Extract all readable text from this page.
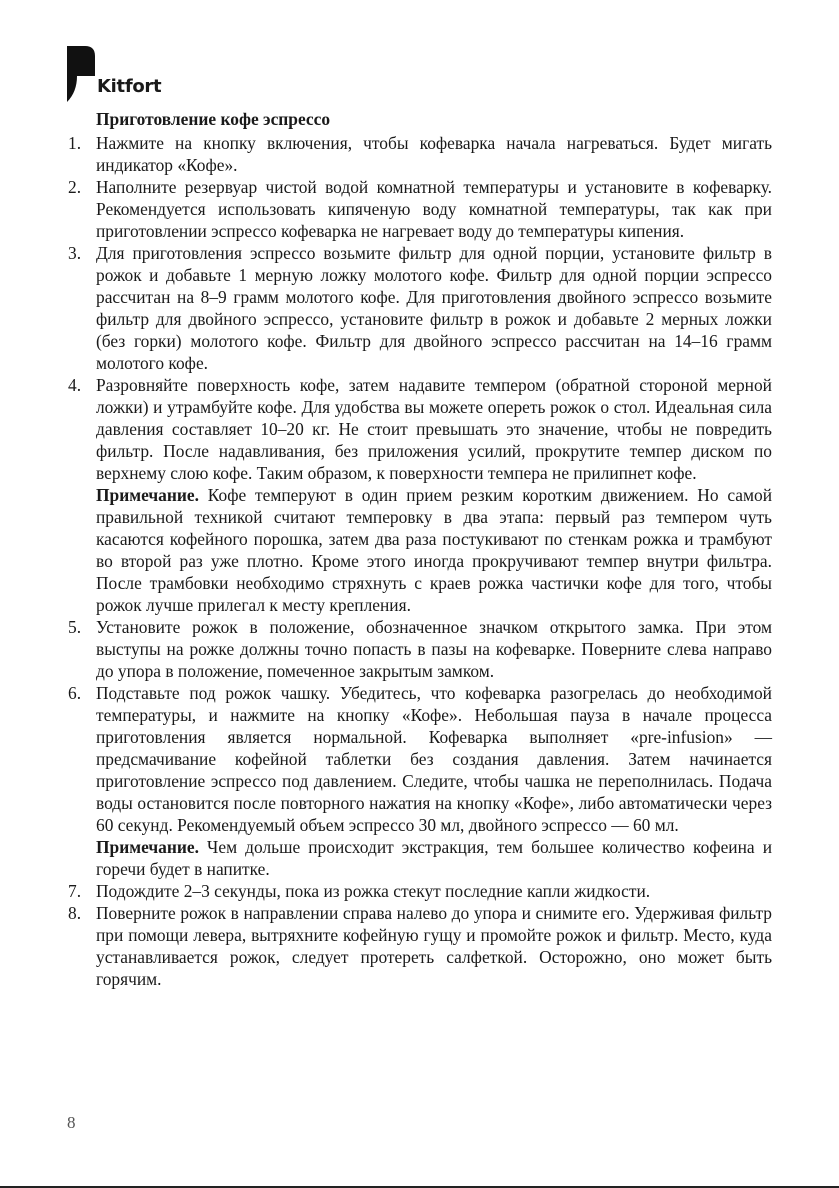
Kitfort
Приготовление кофе эспрессо
1. Нажмите на кнопку включения, чтобы кофеварка начала нагреваться. Будет мигать индикатор «Кофе».
2. Наполните резервуар чистой водой комнатной температуры и установите в кофеварку. Рекомендуется использовать кипяченую воду комнатной температуры, так как при приготовлении эспрессо кофеварка не нагревает воду до температуры кипения.
3. Для приготовления эспрессо возьмите фильтр для одной порции, установите фильтр в рожок и добавьте 1 мерную ложку молотого кофе. Фильтр для одной порции эспрессо рассчитан на 8–9 грамм молотого кофе. Для приготовления двойного эспрессо возьмите фильтр для двойного эспрессо, установите фильтр в рожок и добавьте 2 мерных ложки (без горки) молотого кофе. Фильтр для двойного эспрессо рассчитан на 14–16 грамм молотого кофе.
4. Разровняйте поверхность кофе, затем надавите темпером (обратной стороной мерной ложки) и утрамбуйте кофе. Для удобства вы можете опереть рожок о стол. Идеальная сила давления составляет 10–20 кг. Не стоит превышать это значение, чтобы не повредить фильтр. После надавливания, без приложения усилий, прокрутите темпер диском по верхнему слою кофе. Таким образом, к поверхности темпера не прилипнет кофе.

Примечание. Кофе темперуют в один прием резким коротким движением. Но самой правильной техникой считают темперовку в два этапа: первый раз темпером чуть касаются кофейного порошка, затем два раза постукивают по стенкам рожка и трамбуют во второй раз уже плотно. Кроме этого иногда прокручивают темпер внутри фильтра. После трамбовки необходимо стряхнуть с краев рожка частички кофе для того, чтобы рожок лучше прилегал к месту крепления.

5. Установите рожок в положение, обозначенное значком открытого замка. При этом выступы на рожке должны точно попасть в пазы на кофеварке. Поверните слева направо до упора в положение, помеченное закрытым замком.
6. Подставьте под рожок чашку. Убедитесь, что кофеварка разогрелась до необходимой температуры, и нажмите на кнопку «Кофе». Небольшая пауза в начале процесса приготовления является нормальной. Кофеварка выполняет «pre-infusion» — предсмачивание кофейной таблетки без создания давления. Затем начинается приготовление эспрессо под давлением. Следите, чтобы чашка не переполнилась. Подача воды остановится после повторного нажатия на кнопку «Кофе», либо автоматически через 60 секунд. Рекомендуемый объем эспрессо 30 мл, двойного эспрессо — 60 мл.

Примечание. Чем дольше происходит экстракция, тем большее количество кофеина и горечи будет в напитке.

7. Подождите 2–3 секунды, пока из рожка стекут последние капли жидкости.
8. Поверните рожок в направлении справа налево до упора и снимите его. Удерживая фильтр при помощи левера, вытряхните кофейную гущу и промойте рожок и фильтр. Место, куда устанавливается рожок, следует протереть салфеткой. Осторожно, оно может быть горячим.
8
